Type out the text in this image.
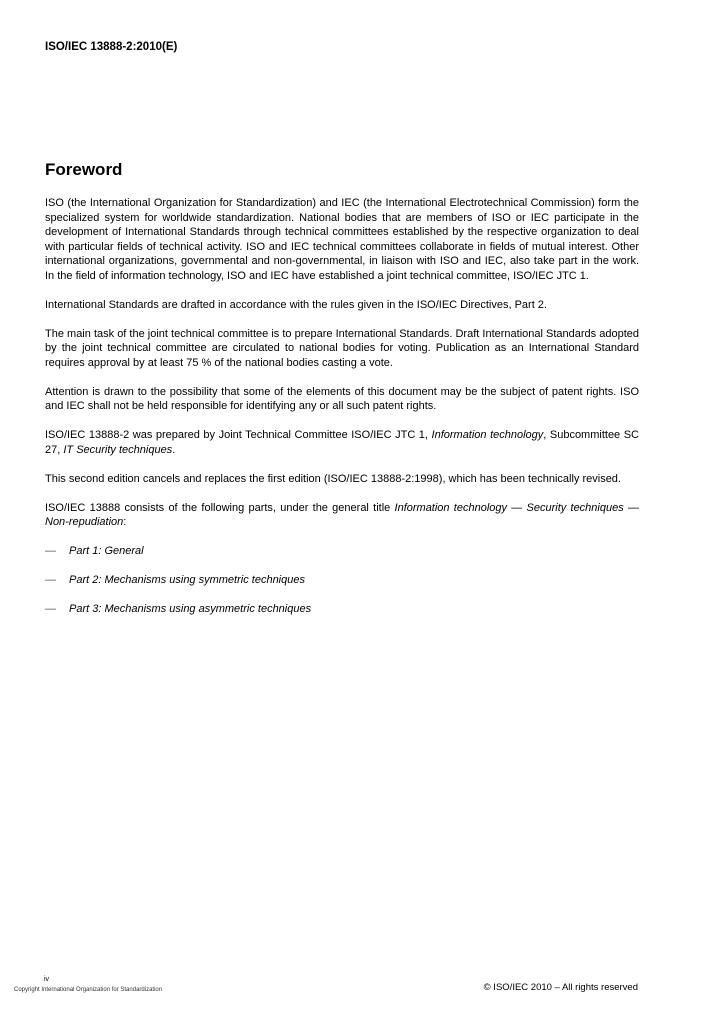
ISO/IEC 13888-2:2010(E)
Foreword

ISO (the International Organization for Standardization) and IEC (the International Electrotechnical Commission) form the specialized system for worldwide standardization. National bodies that are members of ISO or IEC participate in the development of International Standards through technical committees established by the respective organization to deal with particular fields of technical activity. ISO and IEC technical committees collaborate in fields of mutual interest. Other international organizations, governmental and non-governmental, in liaison with ISO and IEC, also take part in the work. In the field of information technology, ISO and IEC have established a joint technical committee, ISO/IEC JTC 1.

International Standards are drafted in accordance with the rules given in the ISO/IEC Directives, Part 2.

The main task of the joint technical committee is to prepare International Standards. Draft International Standards adopted by the joint technical committee are circulated to national bodies for voting. Publication as an International Standard requires approval by at least 75 % of the national bodies casting a vote.

Attention is drawn to the possibility that some of the elements of this document may be the subject of patent rights. ISO and IEC shall not be held responsible for identifying any or all such patent rights.

ISO/IEC 13888-2 was prepared by Joint Technical Committee ISO/IEC JTC 1, Information technology, Subcommittee SC 27, IT Security techniques.

This second edition cancels and replaces the first edition (ISO/IEC 13888-2:1998), which has been technically revised.

ISO/IEC 13888 consists of the following parts, under the general title Information technology — Security techniques — Non-repudiation:

— Part 1: General
— Part 2: Mechanisms using symmetric techniques
— Part 3: Mechanisms using asymmetric techniques
iv
Copyright International Organization for Standardization	© ISO/IEC 2010 – All rights reserved
